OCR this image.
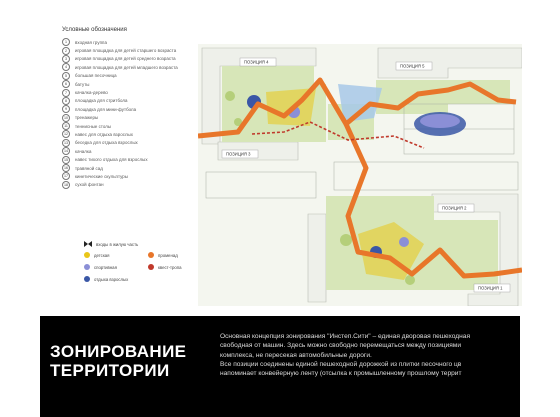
Условные обозначения
1	входная группа
2	игровая площадка для детей старшего возраста
3	игровая площадка для детей среднего возраста
4	игровая площадка для детей младшего возраста
5	большая песочница
6	батуты
7	качалка-дерево
8	площадка для стритбола
9	площадка для мини-футбола
10	тренажеры
11	теннисные столы
12	навес для отдыха взрослых
13	беседка для отдыха взрослых
14	качалка
15	навес тихого отдыха для взрослых
16	травяной сад
17	кинетические скульптуры
18	сухой фонтан
входы в жилую часть
детская
спортивная
отдыха взрослых
променад
квест-тропа
ПОЗИЦИЯ 4
ПОЗИЦИЯ 5
ПОЗИЦИЯ 3
ПОЗИЦИЯ 2
ПОЗИЦИЯ 1
ЗОНИРОВАНИЕ
ТЕРРИТОРИИ
Основная концепция зонирования "Инстеп.Сити" – единая дворовая пешеходная
свободная от машин. Здесь можно свободно перемещаться между позициями
комплекса, не пересекая автомобильные дороги.
Все позиции соединены единой пешеходной дорожкой из плитки песочного цв
напоминает конвейерную ленту (отсылка к промышленному прошлому террит
